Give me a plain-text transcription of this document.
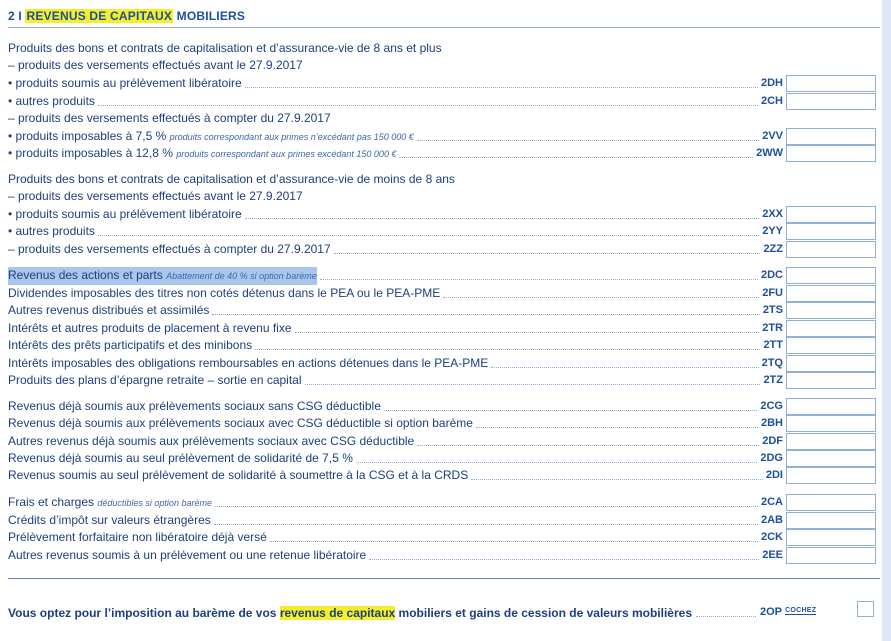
2 I REVENUS DE CAPITAUX MOBILIERS
Produits des bons et contrats de capitalisation et d’assurance-vie de 8 ans et plus
– produits des versements effectués avant le 27.9.2017
• produits soumis au prélèvement libératoire	2DH
• autres produits	2CH
– produits des versements effectués à compter du 27.9.2017
• produits imposables à 7,5 % produits correspondant aux primes n’excédant pas 150 000 €	2VV
• produits imposables à 12,8 % produits correspondant aux primes excédant 150 000 €	2WW
Produits des bons et contrats de capitalisation et d’assurance-vie de moins de 8 ans
– produits des versements effectués avant le 27.9.2017
• produits soumis au prélèvement libératoire	2XX
• autres produits	2YY
– produits des versements effectués à compter du 27.9.2017	2ZZ
Revenus des actions et parts Abattement de 40 % si option barème	2DC
Dividendes imposables des titres non cotés détenus dans le PEA ou le PEA-PME	2FU
Autres revenus distribués et assimilés	2TS
Intérêts et autres produits de placement à revenu fixe	2TR
Intérêts des prêts participatifs et des minibons	2TT
Intérêts imposables des obligations remboursables en actions détenues dans le PEA-PME	2TQ
Produits des plans d’épargne retraite – sortie en capital	2TZ
Revenus déjà soumis aux prélèvements sociaux sans CSG déductible	2CG
Revenus déjà soumis aux prélèvements sociaux avec CSG déductible si option barème	2BH
Autres revenus déjà soumis aux prélèvements sociaux avec CSG déductible	2DF
Revenus déjà soumis au seul prélèvement de solidarité de 7,5 %	2DG
Revenus soumis au seul prélèvement de solidarité à soumettre à la CSG et à la CRDS	2DI
Frais et charges déductibles si option barème	2CA
Crédits d’impôt sur valeurs étrangères	2AB
Prélèvement forfaitaire non libératoire déjà versé	2CK
Autres revenus soumis à un prélèvement ou une retenue libératoire	2EE
Vous optez pour l’imposition au barème de vos revenus de capitaux mobiliers et gains de cession de valeurs mobilières	2OP COCHEZ
